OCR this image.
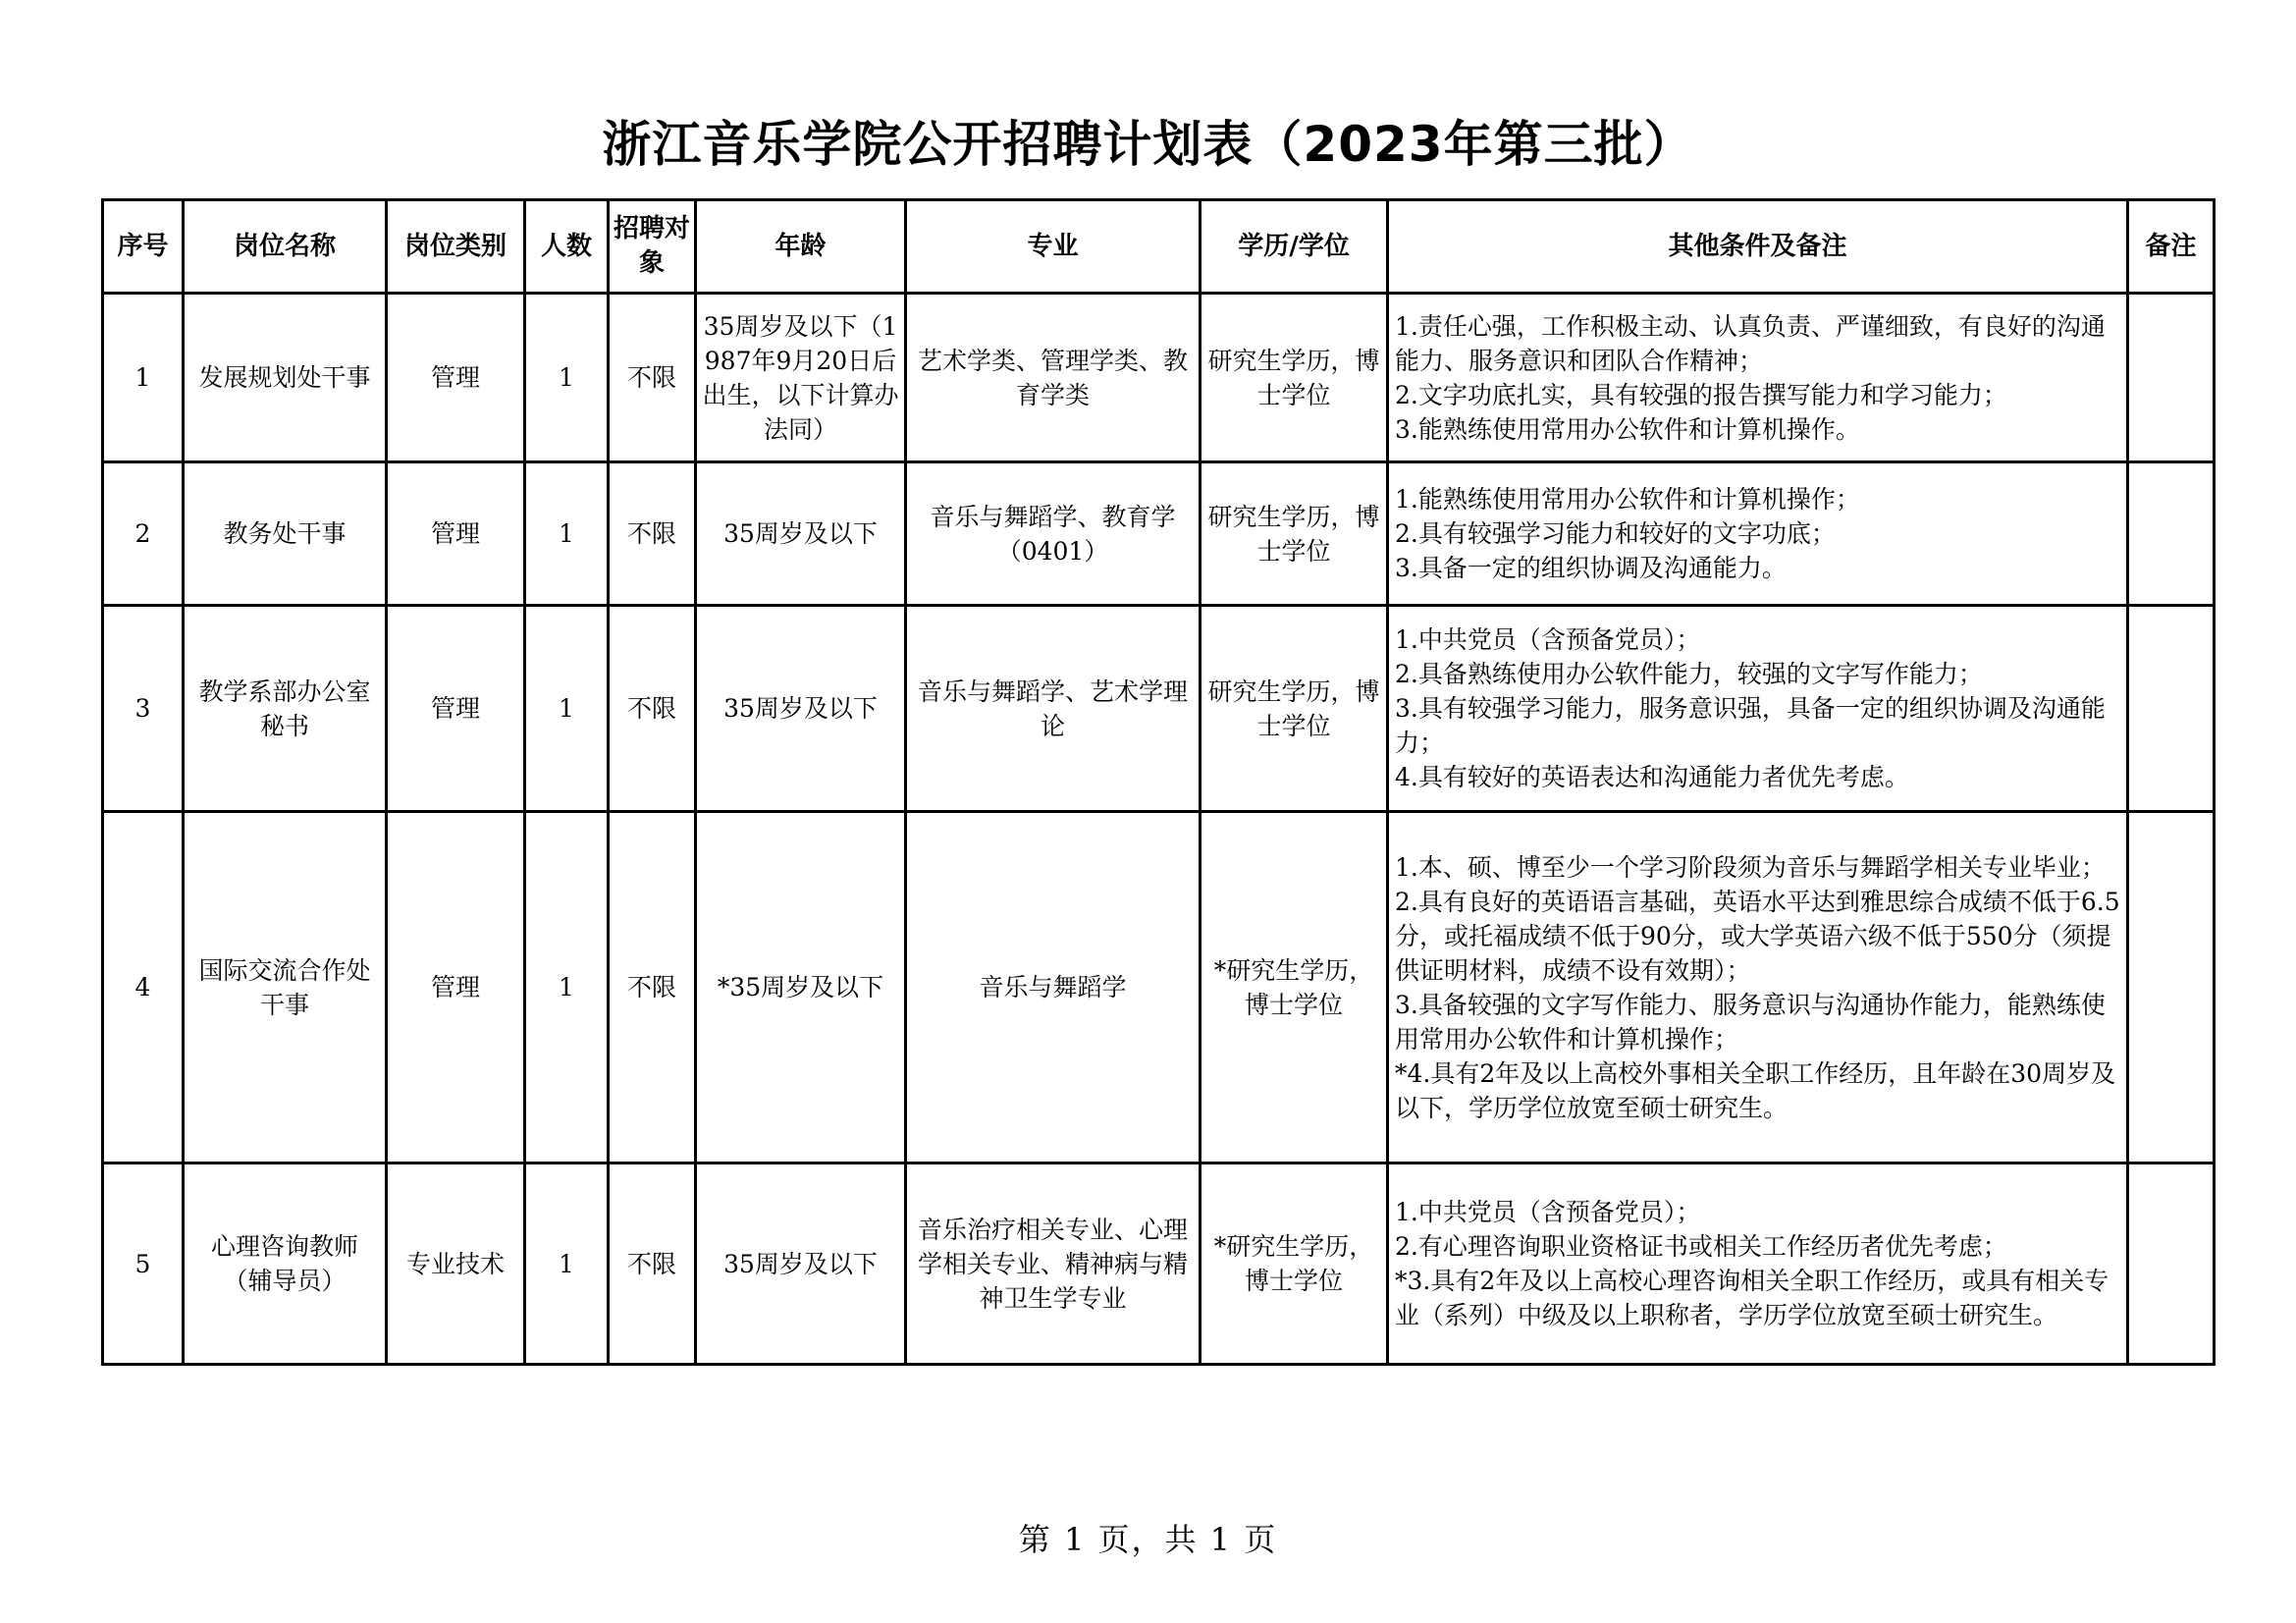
浙江音乐学院公开招聘计划表（2023年第三批）
序号	岗位名称	岗位类别	人数	招聘对象	年龄	专业	学历/学位	其他条件及备注	备注
1	发展规划处干事	管理	1	不限	35周岁及以下（1987年9月20日后出生，以下计算办法同）	艺术学类、管理学类、教育学类	研究生学历，博士学位	1.责任心强，工作积极主动、认真负责、严谨细致，有良好的沟通能力、服务意识和团队合作精神；
2.文字功底扎实，具有较强的报告撰写能力和学习能力；
3.能熟练使用常用办公软件和计算机操作。	

2	教务处干事	管理	1	不限	35周岁及以下	音乐与舞蹈学、教育学（0401）	研究生学历，博士学位	1.能熟练使用常用办公软件和计算机操作；
2.具有较强学习能力和较好的文字功底；
3.具备一定的组织协调及沟通能力。	

3	教学系部办公室秘书	管理	1	不限	35周岁及以下	音乐与舞蹈学、艺术学理论	研究生学历，博士学位	1.中共党员（含预备党员）；
2.具备熟练使用办公软件能力，较强的文字写作能力；
3.具有较强学习能力，服务意识强，具备一定的组织协调及沟通能力；
4.具有较好的英语表达和沟通能力者优先考虑。	

4	国际交流合作处干事	管理	1	不限	*35周岁及以下	音乐与舞蹈学	*研究生学历，博士学位	1.本、硕、博至少一个学习阶段须为音乐与舞蹈学相关专业毕业；
2.具有良好的英语语言基础，英语水平达到雅思综合成绩不低于6.5分，或托福成绩不低于90分，或大学英语六级不低于550分（须提供证明材料，成绩不设有效期）；
3.具备较强的文字写作能力、服务意识与沟通协作能力，能熟练使用常用办公软件和计算机操作；
*4.具有2年及以上高校外事相关全职工作经历，且年龄在30周岁及以下，学历学位放宽至硕士研究生。	

5	心理咨询教师（辅导员）	专业技术	1	不限	35周岁及以下	音乐治疗相关专业、心理学相关专业、精神病与精神卫生学专业	*研究生学历，博士学位	1.中共党员（含预备党员）；
2.有心理咨询职业资格证书或相关工作经历者优先考虑；
*3.具有2年及以上高校心理咨询相关全职工作经历，或具有相关专业（系列）中级及以上职称者，学历学位放宽至硕士研究生。	

第 1 页，共 1 页
